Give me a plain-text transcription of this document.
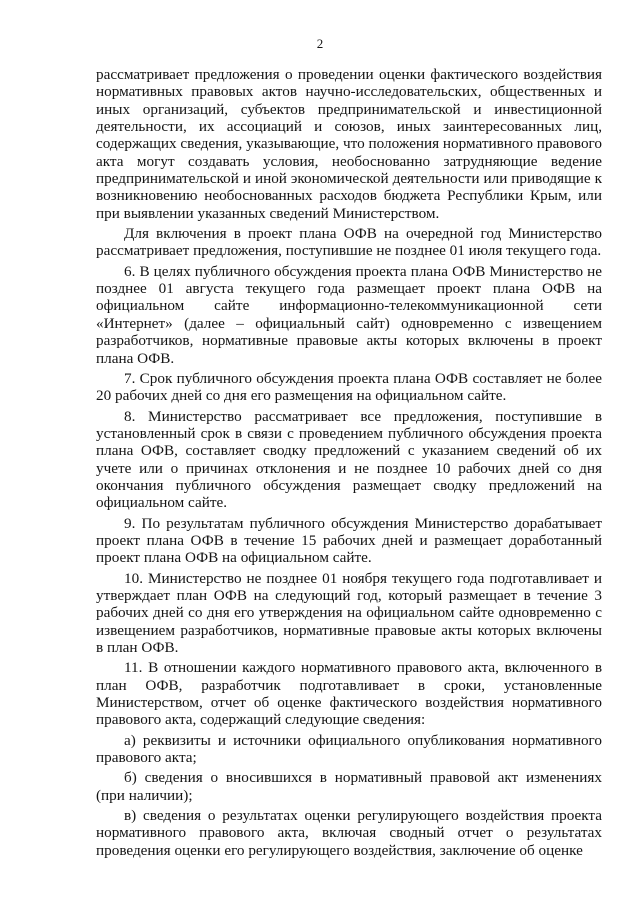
2

рассматривает предложения о проведении оценки фактического воздействия нормативных правовых актов научно-исследовательских, общественных и иных организаций, субъектов предпринимательской и инвестиционной деятельности, их ассоциаций и союзов, иных заинтересованных лиц, содержащих сведения, указывающие, что положения нормативного правового акта могут создавать условия, необоснованно затрудняющие ведение предпринимательской и иной экономической деятельности или приводящие к возникновению необоснованных расходов бюджета Республики Крым, или при выявлении указанных сведений Министерством.

Для включения в проект плана ОФВ на очередной год Министерство рассматривает предложения, поступившие не позднее 01 июля текущего года.

6. В целях публичного обсуждения проекта плана ОФВ Министерство не позднее 01 августа текущего года размещает проект плана ОФВ на официальном сайте информационно-телекоммуникационной сети «Интернет» (далее – официальный сайт) одновременно с извещением разработчиков, нормативные правовые акты которых включены в проект плана ОФВ.

7. Срок публичного обсуждения проекта плана ОФВ составляет не более 20 рабочих дней со дня его размещения на официальном сайте.

8. Министерство рассматривает все предложения, поступившие в установленный срок в связи с проведением публичного обсуждения проекта плана ОФВ, составляет сводку предложений с указанием сведений об их учете или о причинах отклонения и не позднее 10 рабочих дней со дня окончания публичного обсуждения размещает сводку предложений на официальном сайте.

9. По результатам публичного обсуждения Министерство дорабатывает проект плана ОФВ в течение 15 рабочих дней и размещает доработанный проект плана ОФВ на официальном сайте.

10. Министерство не позднее 01 ноября текущего года подготавливает и утверждает план ОФВ на следующий год, который размещает в течение 3 рабочих дней со дня его утверждения на официальном сайте одновременно с извещением разработчиков, нормативные правовые акты которых включены в план ОФВ.

11. В отношении каждого нормативного правового акта, включенного в план ОФВ, разработчик подготавливает в сроки, установленные Министерством, отчет об оценке фактического воздействия нормативного правового акта, содержащий следующие сведения:

а) реквизиты и источники официального опубликования нормативного правового акта;

б) сведения о вносившихся в нормативный правовой акт изменениях (при наличии);

в) сведения о результатах оценки регулирующего воздействия проекта нормативного правового акта, включая сводный отчет о результатах проведения оценки его регулирующего воздействия, заключение об оценке
